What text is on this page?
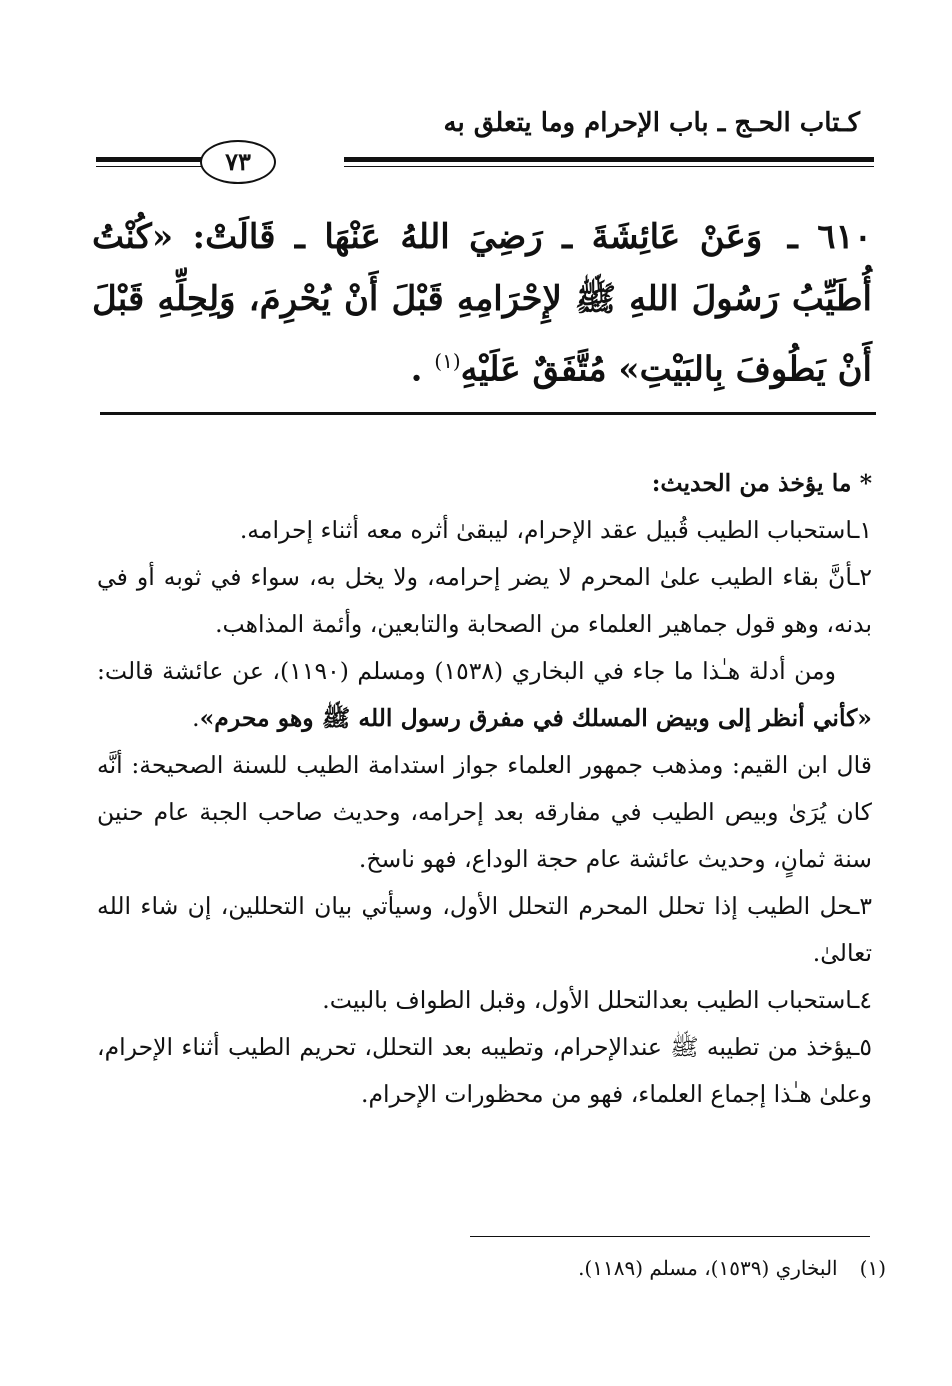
كـتاب الحـج ـ باب الإحرام وما يتعلق به
٧٣
٦١٠ ـ وَعَنْ عَائِشَةَ ـ رَضِيَ اللهُ عَنْهَا ـ قَالَتْ: «كُنْتُ أُطَيِّبُ رَسُولَ اللهِ ﷺ لإِحْرَامِهِ قَبْلَ أَنْ يُحْرِمَ، وَلِحِلِّهِ قَبْلَ أَنْ يَطُوفَ بِالبَيْتِ» مُتَّفَقٌ عَلَيْهِ$^{(١)}$ .

* ما يؤخذ من الحديث:

١ـاستحباب الطيب قُبيل عقد الإحرام، ليبقىٰ أثره معه أثناء إحرامه.

٢ـأنَّ بقاء الطيب علىٰ المحرم لا يضر إحرامه، ولا يخل به، سواء في ثوبه أو في بدنه، وهو قول جماهير العلماء من الصحابة والتابعين، وأئمة المذاهب.

ومن أدلة هـٰذا ما جاء في البخاري (١٥٣٨) ومسلم (١١٩٠)، عن عائشة قالت: «كأني أنظر إلى وبيض المسلك في مفرق رسول الله ﷺ وهو محرم».

قال ابن القيم: ومذهب جمهور العلماء جواز استدامة الطيب للسنة الصحيحة: أنَّه كان يُرَىٰ وبيص الطيب في مفارقه بعد إحرامه، وحديث صاحب الجبة عام حنين سنة ثمانٍ، وحديث عائشة عام حجة الوداع، فهو ناسخ.

٣ـحل الطيب إذا تحلل المحرم التحلل الأول، وسيأتي بيان التحللين، إن شاء الله تعالىٰ.

٤ـاستحباب الطيب بعدالتحلل الأول، وقبل الطواف بالبيت.

٥ـيؤخذ من تطيبه ﷺ عندالإحرام، وتطيبه بعد التحلل، تحريم الطيب أثناء الإحرام، وعلىٰ هـٰذا إجماع العلماء، فهو من محظورات الإحرام.

(١)البخاري (١٥٣٩)، مسلم (١١٨٩).
